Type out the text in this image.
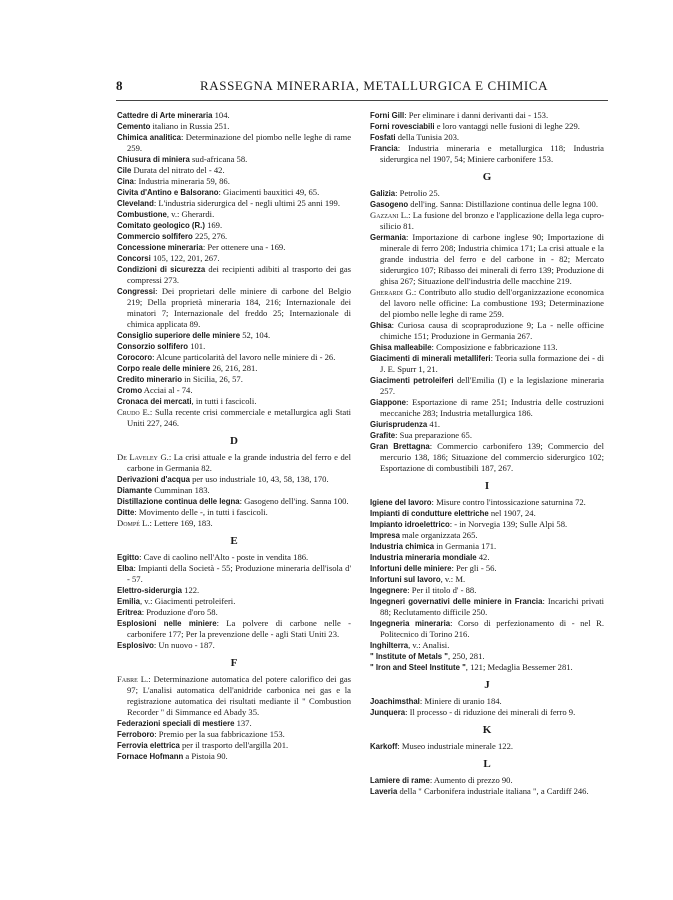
8	RASSEGNA MINERARIA, METALLURGICA E CHIMICA

Cattedre di Arte mineraria 104.

Cemento italiano in Russia 251.

Chimica analitica: Determinazione del piombo nelle leghe di rame 259.

Chiusura di miniera sud-africana 58.

Cile Durata del nitrato del - 42.

Cina: Industria mineraria 59, 86.

Civita d'Antino e Balsorano: Giacimenti bauxitici 49, 65.

Cleveland: L'industria siderurgica del - negli ultimi 25 anni 199.

Combustione, v.: Gherardi.

Comitato geologico (R.) 169.

Commercio solfifero 225, 276.

Concessione mineraria: Per ottenere una - 169.

Concorsi 105, 122, 201, 267.

Condizioni di sicurezza dei recipienti adibiti al trasporto dei gas compressi 273.

Congressi: Dei proprietari delle miniere di carbone del Belgio 219; Della proprietà mineraria 184, 216; Internazionale dei minatori 7; Internazionale del freddo 25; Internazionale di chimica applicata 89.

Consiglio superiore delle miniere 52, 104.

Consorzio solfifero 101.

Corocoro: Alcune particolarità del lavoro nelle miniere di - 26.

Corpo reale delle miniere 26, 216, 281.

Credito minerario in Sicilia, 26, 57.

Cromo Acciai al - 74.

Cronaca dei mercati, in tutti i fascicoli.

Crudo E.: Sulla recente crisi commerciale e metallurgica agli Stati Uniti 227, 246.

D

De Laveley G.: La crisi attuale e la grande industria del ferro e del carbone in Germania 82.

Derivazioni d'acqua per uso industriale 10, 43, 58, 138, 170.

Diamante Cumminan 183.

Distillazione continua delle legna: Gasogeno dell'ing. Sanna 100.

Ditte: Movimento delle -, in tutti i fascicoli.

Dompé L.: Lettere 169, 183.

E

Egitto: Cave di caolino nell'Alto - poste in vendita 186.

Elba: Impianti della Società - 55; Produzione mineraria dell'isola d' - 57.

Elettro-siderurgia 122.

Emilia, v.: Giacimenti petroleiferi.

Eritrea: Produzione d'oro 58.

Esplosioni nelle miniere: La polvere di carbone nelle - carbonifere 177; Per la prevenzione delle - agli Stati Uniti 23.

Esplosivo: Un nuovo - 187.

F

Fabre L.: Determinazione automatica del potere calorifico dei gas 97; L'analisi automatica dell'anidride carbonica nei gas e la registrazione automatica dei risultati mediante il " Combustion Recorder " di Simmance ed Abady 35.

Federazioni speciali di mestiere 137.

Ferroboro: Premio per la sua fabbricazione 153.

Ferrovia elettrica per il trasporto dell'argilla 201.

Fornace Hofmann a Pistoia 90.

Forni Gill: Per eliminare i danni derivanti dai - 153.

Forni rovesciabili e loro vantaggi nelle fusioni di leghe 229.

Fosfati della Tunisia 203.

Francia: Industria mineraria e metallurgica 118; Industria siderurgica nel 1907, 54; Miniere carbonifere 153.

G

Galizia: Petrolio 25.

Gasogeno dell'ing. Sanna: Distillazione continua delle legna 100.

Gazzani L.: La fusione del bronzo e l'applicazione della lega cupro-silicio 81.

Germania: Importazione di carbone inglese 90; Importazione di minerale di ferro 208; Industria chimica 171; La crisi attuale e la grande industria del ferro e del carbone in - 82; Mercato siderurgico 107; Ribasso dei minerali di ferro 139; Produzione di ghisa 267; Situazione dell'industria delle macchine 219.

Gherardi G.: Contributo allo studio dell'organizzazione economica del lavoro nelle officine: La combustione 193; Determinazione del piombo nelle leghe di rame 259.

Ghisa: Curiosa causa di scopraproduzione 9; La - nelle officine chimiche 151; Produzione in Germania 267.

Ghisa malleabile: Composizione e fabbricazione 113.

Giacimenti di minerali metalliferi: Teoria sulla formazione dei - di J. E. Spurr 1, 21.

Giacimenti petroleiferi dell'Emilia (I) e la legislazione mineraria 257.

Giappone: Esportazione di rame 251; Industria delle costruzioni meccaniche 283; Industria metallurgica 186.

Giurisprudenza 41.

Grafite: Sua preparazione 65.

Gran Brettagna: Commercio carbonifero 139; Commercio del mercurio 138, 186; Situazione del commercio siderurgico 102; Esportazione di combustibili 187, 267.

I

Igiene del lavoro: Misure contro l'intossicazione saturnina 72.

Impianti di condutture elettriche nel 1907, 24.

Impianto idroelettrico: - in Norvegia 139; Sulle Alpi 58.

Impresa male organizzata 265.

Industria chimica in Germania 171.

Industria mineraria mondiale 42.

Infortuni delle miniere: Per gli - 56.

Infortuni sul lavoro, v.: M.

Ingegnere: Per il titolo d' - 88.

Ingegneri governativi delle miniere in Francia: Incarichi privati 88; Reclutamento difficile 250.

Ingegneria mineraria: Corso di perfezionamento di - nel R. Politecnico di Torino 216.

Inghilterra, v.: Analisi.

" Institute of Metals ", 250, 281.

" Iron and Steel Institute ", 121; Medaglia Bessemer 281.

J

Joachimsthal: Miniere di uranio 184.

Junquera: Il processo - di riduzione dei minerali di ferro 9.

K

Karkoff: Museo industriale minerale 122.

L

Lamiere di rame: Aumento di prezzo 90.

Laveria della " Carbonifera industriale italiana ", a Cardiff 246.
